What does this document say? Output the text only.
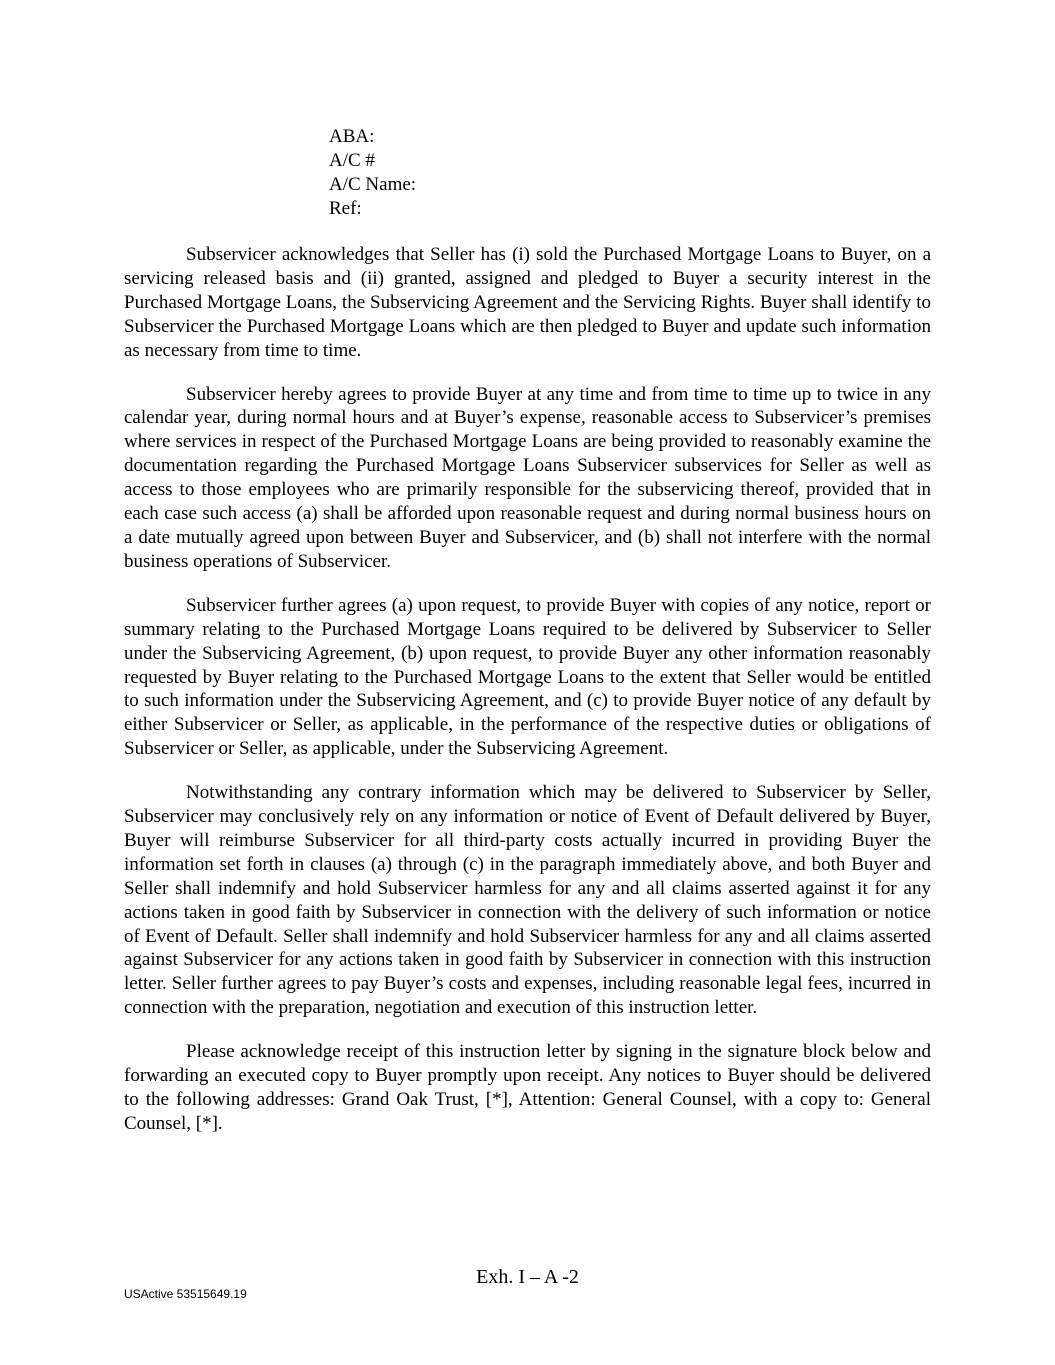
ABA:
A/C #
A/C Name:
Ref:

Subservicer acknowledges that Seller has (i) sold the Purchased Mortgage Loans to Buyer, on a servicing released basis and (ii) granted, assigned and pledged to Buyer a security interest in the Purchased Mortgage Loans, the Subservicing Agreement and the Servicing Rights. Buyer shall identify to Subservicer the Purchased Mortgage Loans which are then pledged to Buyer and update such information as necessary from time to time.

Subservicer hereby agrees to provide Buyer at any time and from time to time up to twice in any calendar year, during normal hours and at Buyer’s expense, reasonable access to Subservicer’s premises where services in respect of the Purchased Mortgage Loans are being provided to reasonably examine the documentation regarding the Purchased Mortgage Loans Subservicer subservices for Seller as well as access to those employees who are primarily responsible for the subservicing thereof, provided that in each case such access (a) shall be afforded upon reasonable request and during normal business hours on a date mutually agreed upon between Buyer and Subservicer, and (b) shall not interfere with the normal business operations of Subservicer.

Subservicer further agrees (a) upon request, to provide Buyer with copies of any notice, report or summary relating to the Purchased Mortgage Loans required to be delivered by Subservicer to Seller under the Subservicing Agreement, (b) upon request, to provide Buyer any other information reasonably requested by Buyer relating to the Purchased Mortgage Loans to the extent that Seller would be entitled to such information under the Subservicing Agreement, and (c) to provide Buyer notice of any default by either Subservicer or Seller, as applicable, in the performance of the respective duties or obligations of Subservicer or Seller, as applicable, under the Subservicing Agreement.

Notwithstanding any contrary information which may be delivered to Subservicer by Seller, Subservicer may conclusively rely on any information or notice of Event of Default delivered by Buyer, Buyer will reimburse Subservicer for all third-party costs actually incurred in providing Buyer the information set forth in clauses (a) through (c) in the paragraph immediately above, and both Buyer and Seller shall indemnify and hold Subservicer harmless for any and all claims asserted against it for any actions taken in good faith by Subservicer in connection with the delivery of such information or notice of Event of Default. Seller shall indemnify and hold Subservicer harmless for any and all claims asserted against Subservicer for any actions taken in good faith by Subservicer in connection with this instruction letter. Seller further agrees to pay Buyer’s costs and expenses, including reasonable legal fees, incurred in connection with the preparation, negotiation and execution of this instruction letter.

Please acknowledge receipt of this instruction letter by signing in the signature block below and forwarding an executed copy to Buyer promptly upon receipt. Any notices to Buyer should be delivered to the following addresses: Grand Oak Trust, [*], Attention: General Counsel, with a copy to: General Counsel, [*].

Exh. I – A -2
USActive 53515649.19
